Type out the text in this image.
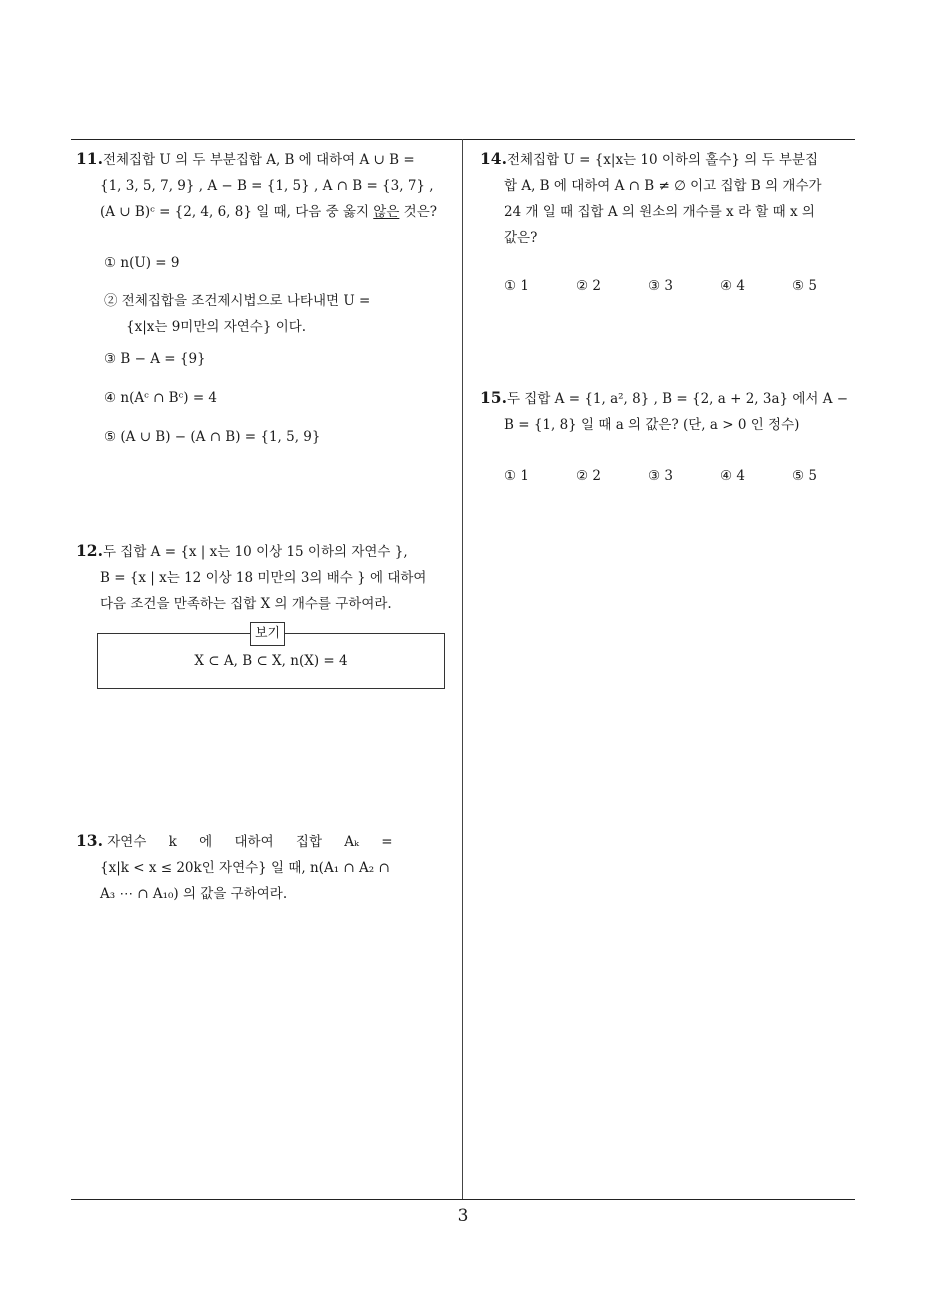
11.전체집합 U 의 두 부분집합 A, B 에 대하여 A ∪ B =

{1, 3, 5, 7, 9} , A − B = {1, 5} , A ∩ B = {3, 7} ,
(A ∪ B)ᶜ = {2, 4, 6, 8} 일 때, 다음 중 옳지 않은 것은?
① n(U) = 9
② 전체집합을 조건제시법으로 나타내면 U =
{x|x는 9미만의 자연수} 이다.
③ B − A = {9}
④ n(Aᶜ ∩ Bᶜ) = 4
⑤ (A ∪ B) − (A ∩ B) = {1, 5, 9}
12.두 집합 A = {x | x는 10 이상 15 이하의 자연수 },

B = {x | x는 12 이상 18 미만의 3의 배수 } 에 대하여
다음 조건을 만족하는 집합 X 의 개수를 구하여라.
보기
X ⊂ A, B ⊂ X, n(X) = 4
13. 자연수 k 에 대하여 집합 Aₖ =

{x|k < x ≤ 20k인 자연수} 일 때, n(A₁ ∩ A₂ ∩
A₃ ⋯ ∩ A₁₀) 의 값을 구하여라.
14.전체집합 U = {x|x는 10 이하의 홀수} 의 두 부분집

합 A, B 에 대하여 A ∩ B ≠ ∅ 이고 집합 B 의 개수가
24 개 일 때 집합 A 의 원소의 개수를 x 라 할 때 x 의
값은?
① 1	② 2	③ 3	④ 4	⑤ 5
15.두 집합 A = {1, a², 8} , B = {2, a + 2, 3a} 에서 A −

B = {1, 8} 일 때 a 의 값은? (단, a > 0 인 정수)
① 1	② 2	③ 3	④ 4	⑤ 5
3
